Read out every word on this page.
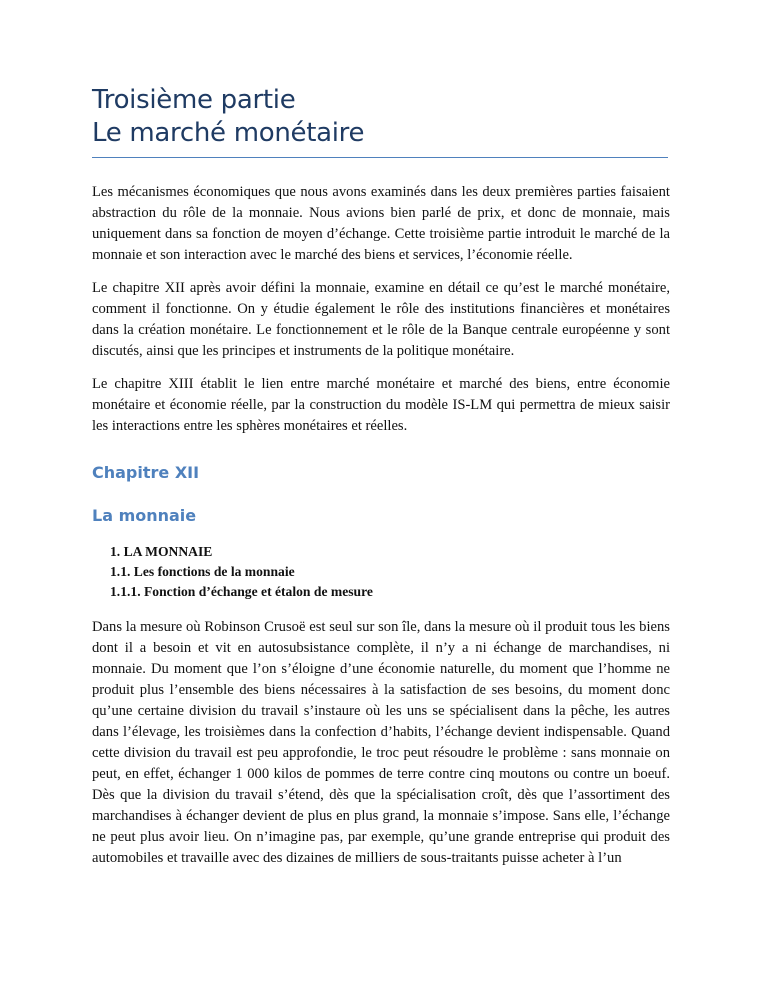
Troisième partie
Le marché monétaire

Les mécanismes économiques que nous avons examinés dans les deux premières parties faisaient abstraction du rôle de la monnaie. Nous avions bien parlé de prix, et donc de monnaie, mais uniquement dans sa fonction de moyen d’échange. Cette troisième partie introduit le marché de la monnaie et son interaction avec le marché des biens et services, l’économie réelle.

Le chapitre XII après avoir défini la monnaie, examine en détail ce qu’est le marché monétaire, comment il fonctionne. On y étudie également le rôle des institutions financières et monétaires dans la création monétaire. Le fonctionnement et le rôle de la Banque centrale européenne y sont discutés, ainsi que les principes et instruments de la politique monétaire.

Le chapitre XIII établit le lien entre marché monétaire et marché des biens, entre économie monétaire et économie réelle, par la construction du modèle IS-LM qui permettra de mieux saisir les interactions entre les sphères monétaires et réelles.

Chapitre XII
La monnaie
1. LA MONNAIE
1.1. Les fonctions de la monnaie
1.1.1. Fonction d’échange et étalon de mesure

Dans la mesure où Robinson Crusoë est seul sur son île, dans la mesure où il produit tous les biens dont il a besoin et vit en autosubsistance complète, il n’y a ni échange de marchandises, ni monnaie. Du moment que l’on s’éloigne d’une économie naturelle, du moment que l’homme ne produit plus l’ensemble des biens nécessaires à la satisfaction de ses besoins, du moment donc qu’une certaine division du travail s’instaure où les uns se spécialisent dans la pêche, les autres dans l’élevage, les troisièmes dans la confection d’habits, l’échange devient indispensable. Quand cette division du travail est peu approfondie, le troc peut résoudre le problème : sans monnaie on peut, en effet, échanger 1 000 kilos de pommes de terre contre cinq moutons ou contre un boeuf. Dès que la division du travail s’étend, dès que la spécialisation croît, dès que l’assortiment des marchandises à échanger devient de plus en plus grand, la monnaie s’impose. Sans elle, l’échange ne peut plus avoir lieu. On n’imagine pas, par exemple, qu’une grande entreprise qui produit des automobiles et travaille avec des dizaines de milliers de sous-traitants puisse acheter à l’un
